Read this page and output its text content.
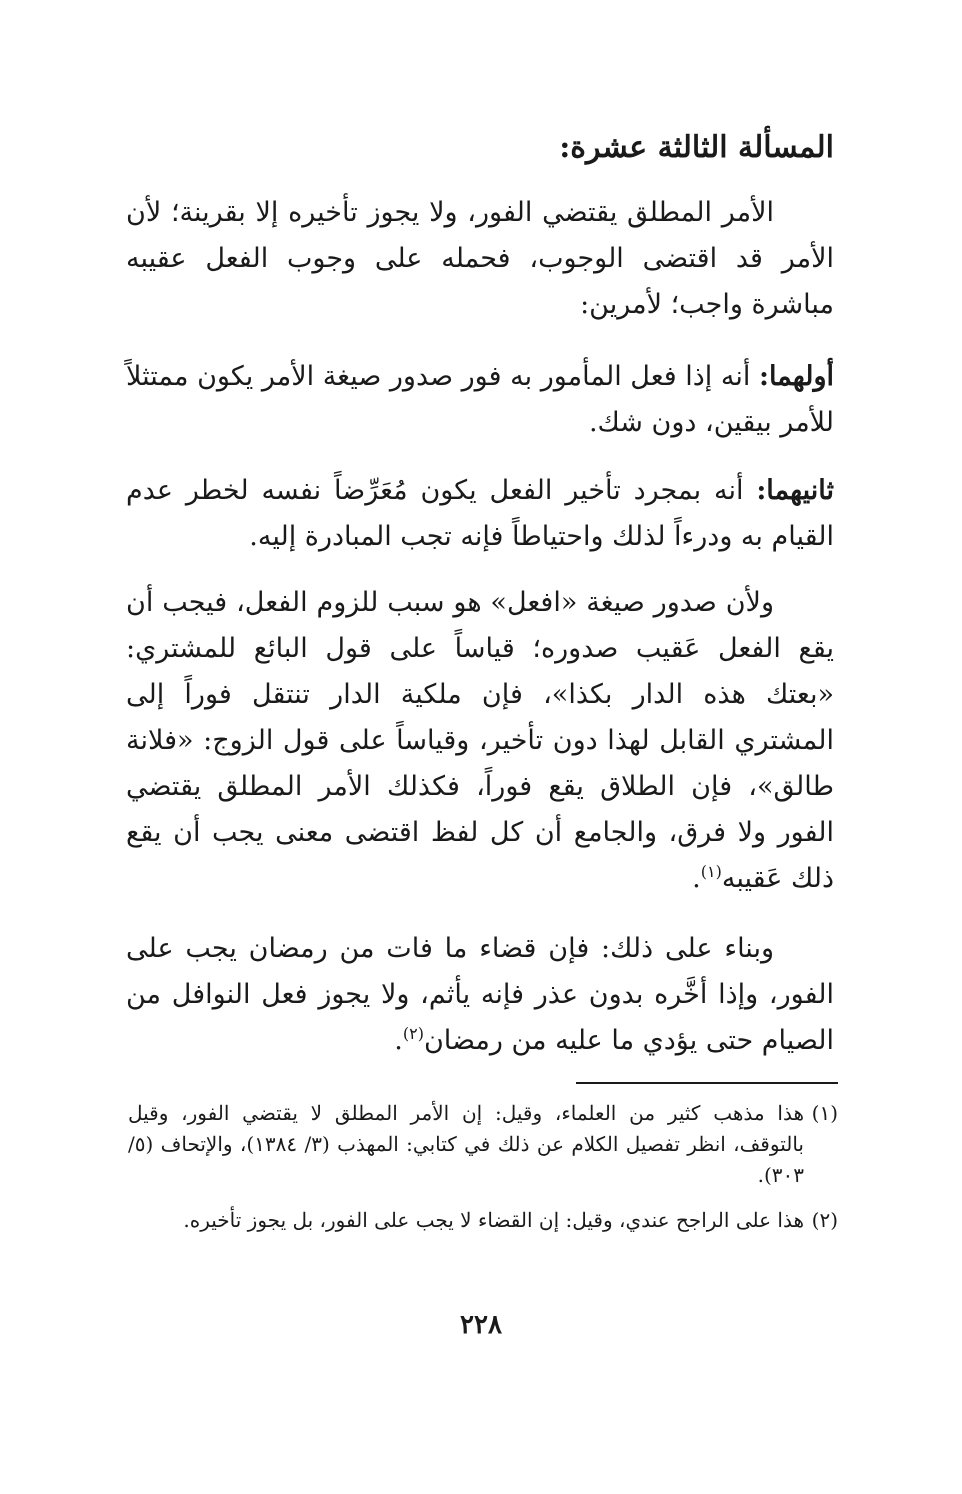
المسألة الثالثة عشرة:

الأمر المطلق يقتضي الفور، ولا يجوز تأخيره إلا بقرينة؛ لأن الأمر قد اقتضى الوجوب، فحمله على وجوب الفعل عقيبه مباشرة واجب؛ لأمرين:

أولهما: أنه إذا فعل المأمور به فور صدور صيغة الأمر يكون ممتثلاً للأمر بيقين، دون شك.

ثانيهما: أنه بمجرد تأخير الفعل يكون مُعَرِّضاً نفسه لخطر عدم القيام به ودرءاً لذلك واحتياطاً فإنه تجب المبادرة إليه.

ولأن صدور صيغة «افعل» هو سبب للزوم الفعل، فيجب أن يقع الفعل عَقيب صدوره؛ قياساً على قول البائع للمشتري: «بعتك هذه الدار بكذا»، فإن ملكية الدار تنتقل فوراً إلى المشتري القابل لهذا دون تأخير، وقياساً على قول الزوج: «فلانة طالق»، فإن الطلاق يقع فوراً، فكذلك الأمر المطلق يقتضي الفور ولا فرق، والجامع أن كل لفظ اقتضى معنى يجب أن يقع ذلك عَقيبه$^{(١)}$.

وبناء على ذلك: فإن قضاء ما فات من رمضان يجب على الفور، وإذا أخَّره بدون عذر فإنه يأثم، ولا يجوز فعل النوافل من الصيام حتى يؤدي ما عليه من رمضان$^{(٢)}$.

(١)
هذا مذهب كثير من العلماء، وقيل: إن الأمر المطلق لا يقتضي الفور، وقيل بالتوقف، انظر تفصيل الكلام عن ذلك في كتابي: المهذب (٣/ ١٣٨٤)، والإتحاف (٥/ ٣٠٣).
(٢)
هذا على الراجح عندي، وقيل: إن القضاء لا يجب على الفور، بل يجوز تأخيره.
٢٢٨
